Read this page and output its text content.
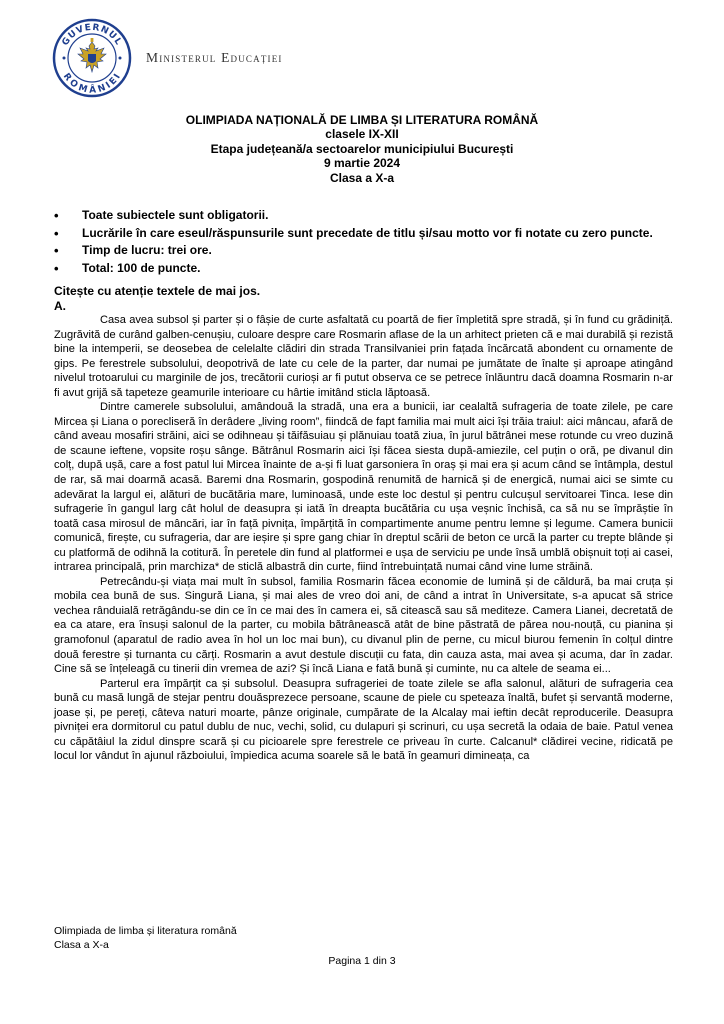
GUVERNUL
ROMÂNIEI
Ministerul Educației
OLIMPIADA NAȚIONALĂ DE LIMBA ȘI LITERATURA ROMÂNĂ
clasele IX-XII
Etapa județeană/a sectoarelor municipiului București
9 martie 2024
Clasa a X-a
• Toate subiectele sunt obligatorii.
• Lucrările în care eseul/răspunsurile sunt precedate de titlu și/sau motto vor fi notate cu zero puncte.
• Timp de lucru: trei ore.
• Total: 100 de puncte.
Citește cu atenție textele de mai jos.
A.

Casa avea subsol și parter și o fâșie de curte asfaltată cu poartă de fier împletită spre stradă, și în fund cu grădiniță. Zugrăvită de curând galben-cenușiu, culoare despre care Rosmarin aflase de la un arhitect prieten că e mai durabilă și rezistă bine la intemperii, se deosebea de celelalte clădiri din strada Transilvaniei prin fațada încărcată abondent cu ornamente de gips. Pe ferestrele subsolului, deopotrivă de late cu cele de la parter, dar numai pe jumătate de înalte și aproape atingând nivelul trotoarului cu marginile de jos, trecătorii curioși ar fi putut observa ce se petrece înlăuntru dacă doamna Rosmarin n-ar fi avut grijă să tapeteze geamurile interioare cu hârtie imitând sticla lăptoasă.

Dintre camerele subsolului, amândouă la stradă, una era a bunicii, iar cealaltă sufrageria de toate zilele, pe care Mircea și Liana o porecliseră în derâdere „living room”, fiindcă de fapt familia mai mult aici își trăia traiul: aici mâncau, afară de când aveau mosafiri străini, aici se odihneau și tăifăsuiau și plănuiau toată ziua, în jurul bătrânei mese rotunde cu vreo duzină de scaune ieftene, vopsite roșu sânge. Bătrânul Rosmarin aici își făcea siesta după-amiezile, cel puțin o oră, pe divanul din colț, după ușă, care a fost patul lui Mircea înainte de a-și fi luat garsoniera în oraș și mai era și acum când se întâmpla, destul de rar, să mai doarmă acasă. Baremi dna Rosmarin, gospodină renumită de harnică și de energică, numai aici se simte cu adevărat la largul ei, alături de bucătăria mare, luminoasă, unde este loc destul și pentru culcușul servitoarei Tinca. Iese din sufragerie în gangul larg cât holul de deasupra și iată în dreapta bucătăria cu ușa veșnic închisă, ca să nu se împrăștie în toată casa mirosul de mâncări, iar în față pivnița, împărțită în compartimente anume pentru lemne și legume. Camera bunicii comunică, firește, cu sufrageria, dar are ieșire și spre gang chiar în dreptul scării de beton ce urcă la parter cu trepte blânde și cu platformă de odihnă la cotitură. În peretele din fund al platformei e ușa de serviciu pe unde însă umblă obișnuit toți ai casei, intrarea principală, prin marchiza* de sticlă albastră din curte, fiind întrebuințată numai când vine lume străină.

Petrecându-și viața mai mult în subsol, familia Rosmarin făcea economie de lumină și de căldură, ba mai cruța și mobila cea bună de sus. Singură Liana, și mai ales de vreo doi ani, de când a intrat în Universitate, s-a apucat să strice vechea rânduială retrăgându-se din ce în ce mai des în camera ei, să citească sau să mediteze. Camera Lianei, decretată de ea ca atare, era însuși salonul de la parter, cu mobila bătrânească atât de bine păstrată de părea nou-nouță, cu pianina și gramofonul (aparatul de radio avea în hol un loc mai bun), cu divanul plin de perne, cu micul biurou femenin în colțul dintre două ferestre și turnanta cu cărți. Rosmarin a avut destule discuții cu fata, din cauza asta, mai avea și acuma, dar în zadar. Cine să se înțeleagă cu tinerii din vremea de azi? Și încă Liana e fată bună și cuminte, nu ca altele de seama ei...

Parterul era împărțit ca și subsolul. Deasupra sufrageriei de toate zilele se afla salonul, alături de sufrageria cea bună cu masă lungă de stejar pentru douăsprezece persoane, scaune de piele cu speteaza înaltă, bufet și servantă moderne, joase și, pe pereți, câteva naturi moarte, pânze originale, cumpărate de la Alcalay mai ieftin decât reproducerile. Deasupra pivniței era dormitorul cu patul dublu de nuc, vechi, solid, cu dulapuri și scrinuri, cu ușa secretă la odaia de baie. Patul venea cu căpătâiul la zidul dinspre scară și cu picioarele spre ferestrele ce priveau în curte. Calcanul* clădirei vecine, ridicată pe locul lor vândut în ajunul războiului, împiedica acuma soarele să le bată în geamuri dimineața, ca

Olimpiada de limba și literatura română
Clasa a X-a
Pagina 1 din 3
